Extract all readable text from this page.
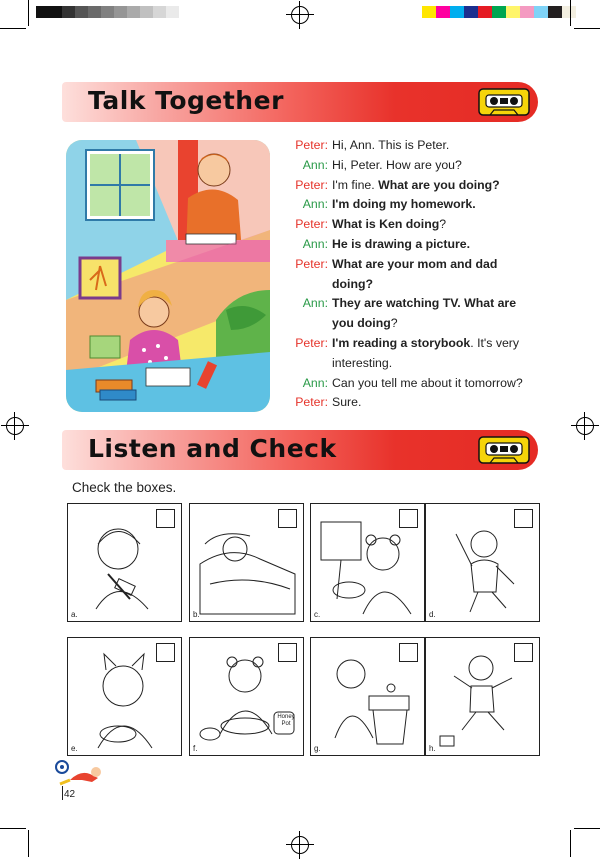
Talk Together
Peter: Hi, Ann. This is Peter.
Ann: Hi, Peter. How are you?
Peter: I'm fine. What are you doing?
Ann: I'm doing my homework.
Peter: What is Ken doing?
Ann: He is drawing a picture.
Peter: What are your mom and dad
doing?
Ann: They are watching TV. What are
you doing?
Peter: I'm reading a storybook. It's very
interesting.
Ann: Can you tell me about it tomorrow?
Peter: Sure.
Listen and Check
Check the boxes.
a.	b.	c.	d.
e.	f.
Honey Pot
g.	h.
42
